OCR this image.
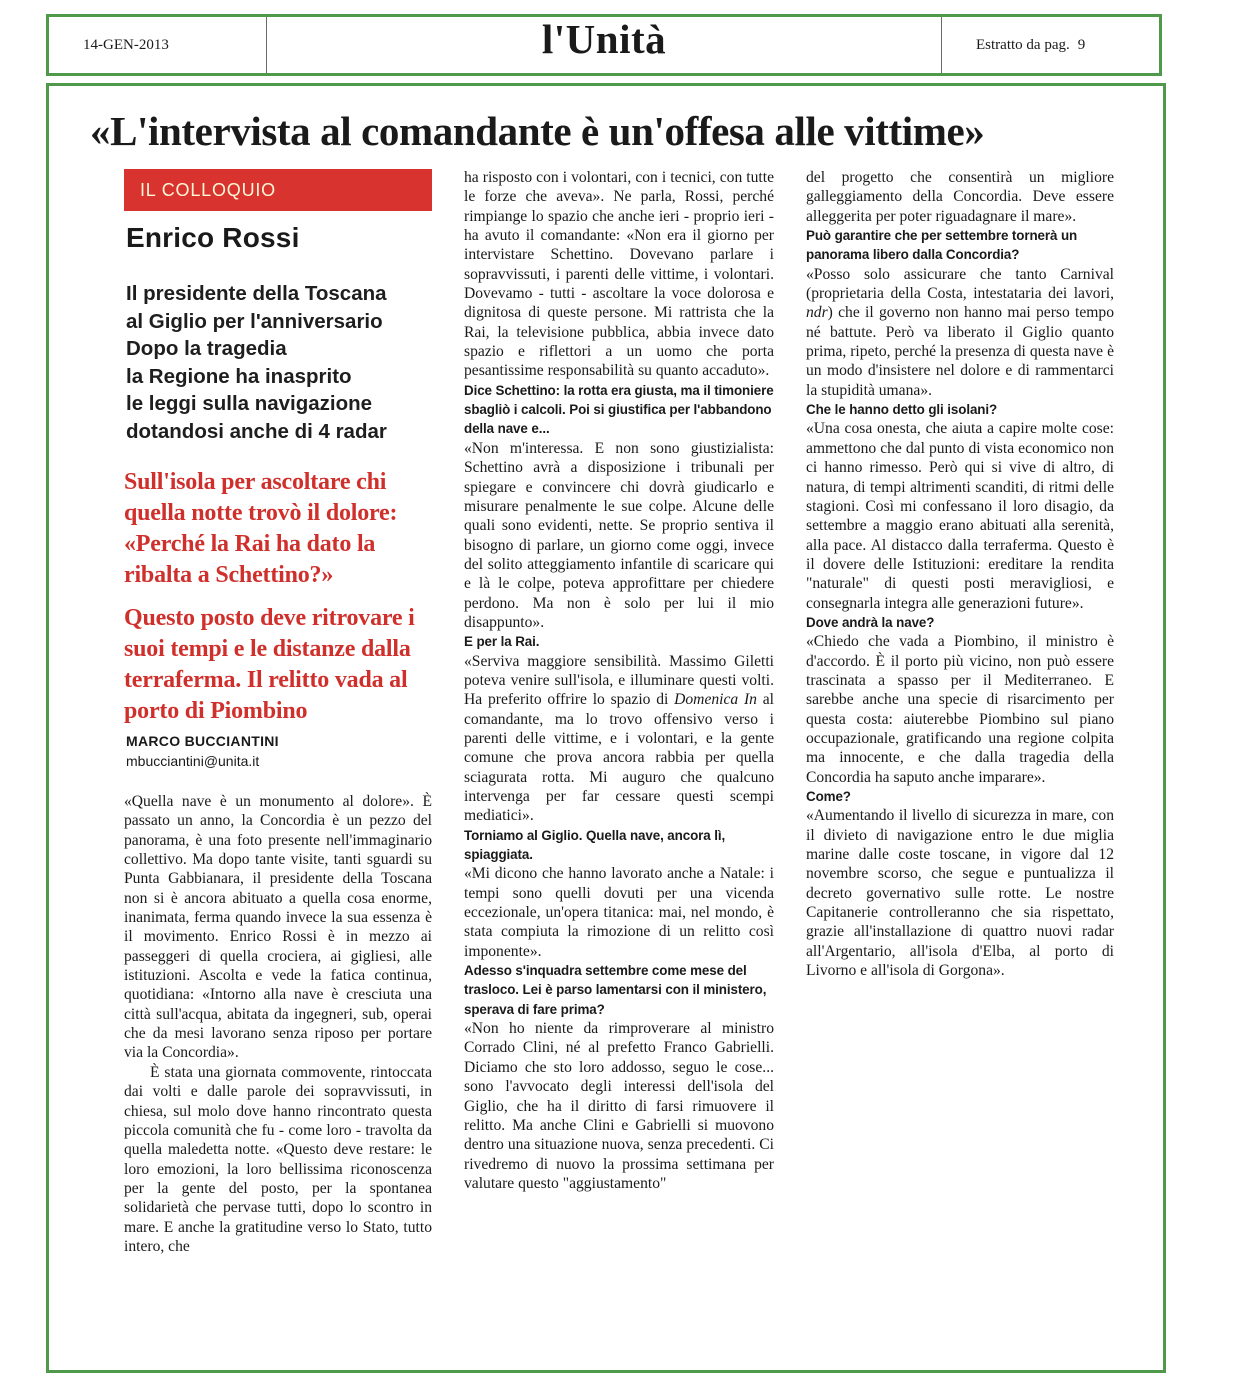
14-GEN-2013	l'Unità	Estratto da pag. 9
«L'intervista al comandante è un'offesa alle vittime»
IL COLLOQUIO
Enrico Rossi
Il presidente della Toscana
al Giglio per l'anniversario
Dopo la tragedia
la Regione ha inasprito
le leggi sulla navigazione
dotandosi anche di 4 radar
Sull'isola per ascoltare chi quella notte trovò il dolore: «Perché la Rai ha dato la ribalta a Schettino?»
Questo posto deve ritrovare i suoi tempi e le distanze dalla terraferma. Il relitto vada al porto di Piombino
MARCO BUCCIANTINI
mbucciantini@unita.it

«Quella nave è un monumento al dolore». È passato un anno, la Concordia è un pezzo del panorama, è una foto presente nell'immaginario collettivo. Ma dopo tante visite, tanti sguardi su Punta Gabbianara, il presidente della Toscana non si è ancora abituato a quella cosa enorme, inanimata, ferma quando invece la sua essenza è il movimento. Enrico Rossi è in mezzo ai passeggeri di quella crociera, ai gigliesi, alle istituzioni. Ascolta e vede la fatica continua, quotidiana: «Intorno alla nave è cresciuta una città sull'acqua, abitata da ingegneri, sub, operai che da mesi lavorano senza riposo per portare via la Concordia».

È stata una giornata commovente, rintoccata dai volti e dalle parole dei sopravvissuti, in chiesa, sul molo dove hanno rincontrato questa piccola comunità che fu - come loro - travolta da quella maledetta notte. «Questo deve restare: le loro emozioni, la loro bellissima riconoscenza per la gente del posto, per la spontanea solidarietà che pervase tutti, dopo lo scontro in mare. E anche la gratitudine verso lo Stato, tutto intero, che

ha risposto con i volontari, con i tecnici, con tutte le forze che aveva». Ne parla, Rossi, perché rimpiange lo spazio che anche ieri - proprio ieri - ha avuto il comandante: «Non era il giorno per intervistare Schettino. Dovevano parlare i sopravvissuti, i parenti delle vittime, i volontari. Dovevamo - tutti - ascoltare la voce dolorosa e dignitosa di queste persone. Mi rattrista che la Rai, la televisione pubblica, abbia invece dato spazio e riflettori a un uomo che porta pesantissime responsabilità su quanto accaduto».

Dice Schettino: la rotta era giusta, ma il timoniere sbagliò i calcoli. Poi si giustifica per l'abbandono della nave e...

«Non m'interessa. E non sono giustizialista: Schettino avrà a disposizione i tribunali per spiegare e convincere chi dovrà giudicarlo e misurare penalmente le sue colpe. Alcune delle quali sono evidenti, nette. Se proprio sentiva il bisogno di parlare, un giorno come oggi, invece del solito atteggiamento infantile di scaricare qui e là le colpe, poteva approfittare per chiedere perdono. Ma non è solo per lui il mio disappunto».

E per la Rai.

«Serviva maggiore sensibilità. Massimo Giletti poteva venire sull'isola, e illuminare questi volti. Ha preferito offrire lo spazio di Domenica In al comandante, ma lo trovo offensivo verso i parenti delle vittime, e i volontari, e la gente comune che prova ancora rabbia per quella sciagurata rotta. Mi auguro che qualcuno intervenga per far cessare questi scempi mediatici».

Torniamo al Giglio. Quella nave, ancora lì, spiaggiata.

«Mi dicono che hanno lavorato anche a Natale: i tempi sono quelli dovuti per una vicenda eccezionale, un'opera titanica: mai, nel mondo, è stata compiuta la rimozione di un relitto così imponente».

Adesso s'inquadra settembre come mese del trasloco. Lei è parso lamentarsi con il ministero, sperava di fare prima?

«Non ho niente da rimproverare al ministro Corrado Clini, né al prefetto Franco Gabrielli. Diciamo che sto loro addosso, seguo le cose... sono l'avvocato degli interessi dell'isola del Giglio, che ha il diritto di farsi rimuovere il relitto. Ma anche Clini e Gabrielli si muovono dentro una situazione nuova, senza precedenti. Ci rivedremo di nuovo la prossima settimana per valutare questo "aggiustamento"

del progetto che consentirà un migliore galleggiamento della Concordia. Deve essere alleggerita per poter riguadagnare il mare».

Può garantire che per settembre tornerà un panorama libero dalla Concordia?

«Posso solo assicurare che tanto Carnival (proprietaria della Costa, intestataria dei lavori, ndr) che il governo non hanno mai perso tempo né battute. Però va liberato il Giglio quanto prima, ripeto, perché la presenza di questa nave è un modo d'insistere nel dolore e di rammentarci la stupidità umana».

Che le hanno detto gli isolani?

«Una cosa onesta, che aiuta a capire molte cose: ammettono che dal punto di vista economico non ci hanno rimesso. Però qui si vive di altro, di natura, di tempi altrimenti scanditi, di ritmi delle stagioni. Così mi confessano il loro disagio, da settembre a maggio erano abituati alla serenità, alla pace. Al distacco dalla terraferma. Questo è il dovere delle Istituzioni: ereditare la rendita "naturale" di questi posti meravigliosi, e consegnarla integra alle generazioni future».

Dove andrà la nave?

«Chiedo che vada a Piombino, il ministro è d'accordo. È il porto più vicino, non può essere trascinata a spasso per il Mediterraneo. E sarebbe anche una specie di risarcimento per questa costa: aiuterebbe Piombino sul piano occupazionale, gratificando una regione colpita ma innocente, e che dalla tragedia della Concordia ha saputo anche imparare».

Come?

«Aumentando il livello di sicurezza in mare, con il divieto di navigazione entro le due miglia marine dalle coste toscane, in vigore dal 12 novembre scorso, che segue e puntualizza il decreto governativo sulle rotte. Le nostre Capitanerie controlleranno che sia rispettato, grazie all'installazione di quattro nuovi radar all'Argentario, all'isola d'Elba, al porto di Livorno e all'isola di Gorgona».
